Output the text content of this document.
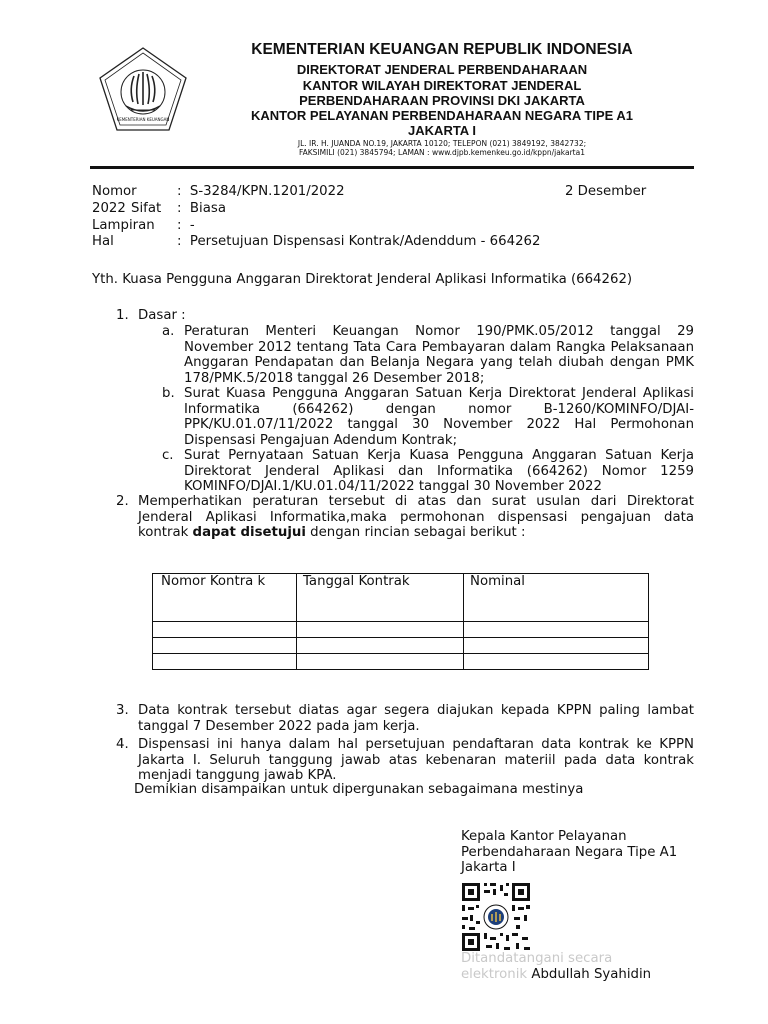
KEMENTERIAN KEUANGAN
KEMENTERIAN KEUANGAN REPUBLIK INDONESIA
DIREKTORAT JENDERAL PERBENDAHARAAN
KANTOR WILAYAH DIREKTORAT JENDERAL
PERBENDAHARAAN PROVINSI DKI JAKARTA
KANTOR PELAYANAN PERBENDAHARAAN NEGARA TIPE A1
JAKARTA I
JL. IR. H. JUANDA NO.19, JAKARTA 10120; TELEPON (021) 3849192, 3842732;
FAKSIMILI (021) 3845794; LAMAN : www.djpb.kemenkeu.go.id/kppn/jakarta1
Nomor	:  S-3284/KPN.1201/2022	2 Desember
2022 Sifat :  Biasa
Lampiran :  -
Hal	:  Persetujuan Dispensasi Kontrak/Adenddum - 664262
Yth. Kuasa Pengguna Anggaran Direktorat Jenderal Aplikasi Informatika (664262)
1. Dasar :
a. Peraturan Menteri Keuangan Nomor 190/PMK.05/2012 tanggal 29 November 2012 tentang Tata Cara Pembayaran dalam Rangka Pelaksanaan Anggaran Pendapatan dan Belanja Negara yang telah diubah dengan PMK 178/PMK.5/2018 tanggal 26 Desember 2018;
b. Surat Kuasa Pengguna Anggaran Satuan Kerja Direktorat Jenderal Aplikasi Informatika (664262) dengan nomor B-1260/KOMINFO/DJAI-PPK/KU.01.07/11/2022 tanggal 30 November 2022 Hal Permohonan Dispensasi Pengajuan Adendum Kontrak;
c. Surat Pernyataan Satuan Kerja Kuasa Pengguna Anggaran Satuan Kerja Direktorat Jenderal Aplikasi dan Informatika (664262) Nomor 1259 KOMINFO/DJAI.1/KU.01.04/11/2022 tanggal 30 November 2022
2. Memperhatikan peraturan tersebut di atas dan surat usulan dari Direktorat Jenderal Aplikasi Informatika,maka permohonan dispensasi pengajuan data kontrak dapat disetujui dengan rincian sebagai berikut :
Nomor Kontra k	Tanggal Kontrak	Nominal

3. Data kontrak tersebut diatas agar segera diajukan kepada KPPN paling lambat tanggal 7 Desember 2022 pada jam kerja.
4. Dispensasi ini hanya dalam hal persetujuan pendaftaran data kontrak ke KPPN Jakarta I. Seluruh tanggung jawab atas kebenaran materiil pada data kontrak menjadi tanggung jawab KPA.
Demikian disampaikan untuk dipergunakan sebagaimana mestinya
Kepala Kantor Pelayanan Perbendaharaan Negara Tipe A1 Jakarta I
Ditandatangani secara elektronik Abdullah Syahidin
